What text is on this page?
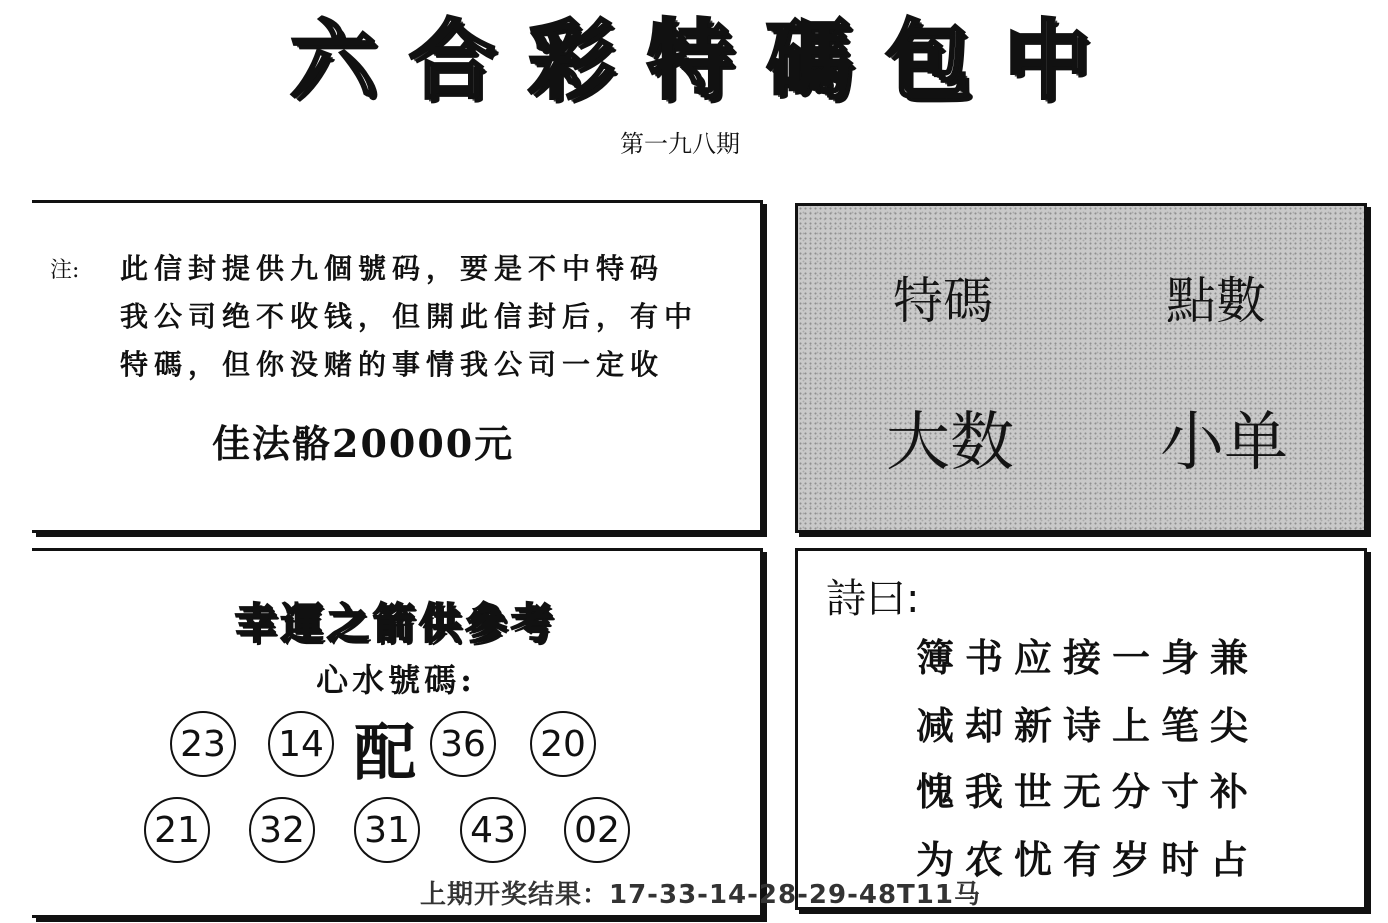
六 合 彩 特 碼 包 中
第一九八期
注: 此信封提供九個號码，要是不中特码
我公司绝不收钱，但開此信封后，有中
特碼，但你没赌的事情我公司一定收
佳法骼20000元
特碼	點數
大数 小单
幸運之箭供參考
心水號碼:
23 14 配 36 20
21 32 31 43 02
詩曰:
簿书应接一身兼
减却新诗上笔尖
愧我世无分寸补
为农忧有岁时占
上期开奖结果：17-33-14-28-29-48T11马
